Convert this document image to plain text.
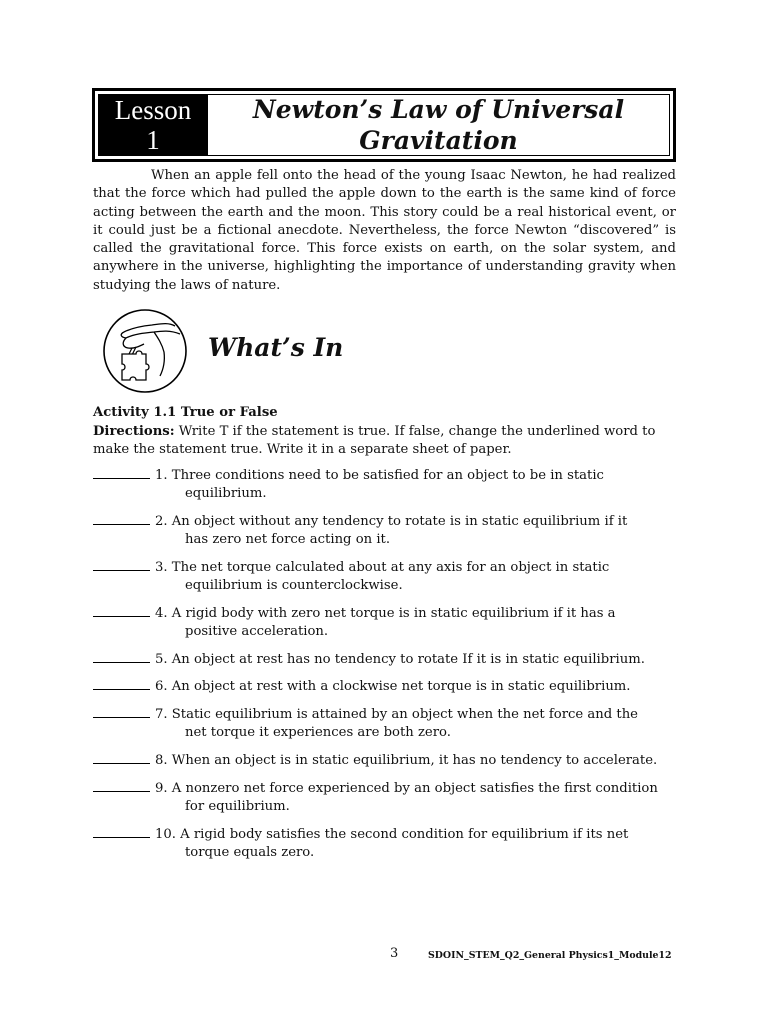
Lesson
1
Newton’s Law of Universal
Gravitation

When an apple fell onto the head of the young Isaac Newton, he had realized that the force which had pulled the apple down to the earth is the same kind of force acting between the earth and the moon. This story could be a real historical event, or it could just be a fictional anecdote. Nevertheless, the force Newton “discovered” is called the gravitational force. This force exists on earth, on the solar system, and anywhere in the universe, highlighting the importance of understanding gravity when studying the laws of nature.

What’s In
Activity 1.1 True or False

Directions: Write T if the statement is true. If false, change the underlined word to make the statement true. Write it in a separate sheet of paper.

1. Three conditions need to be satisfied for an object to be in static
equilibrium.
2. An object without any tendency to rotate is in static equilibrium if it
has zero net force acting on it.
3. The net torque calculated about at any axis for an object in static
equilibrium is counterclockwise.
4. A rigid body with zero net torque is in static equilibrium if it has a
positive acceleration.
5. An object at rest has no tendency to rotate If it is in static equilibrium.
6. An object at rest with a clockwise net torque is in static equilibrium.
7. Static equilibrium is attained by an object when the net force and the
net torque it experiences are both zero.
8. When an object is in static equilibrium, it has no tendency to accelerate.
9. A nonzero net force experienced by an object satisfies the first condition
for equilibrium.
10. A rigid body satisfies the second condition for equilibrium if its net
torque equals zero.
3	SDOIN_STEM_Q2_General Physics1_Module12
